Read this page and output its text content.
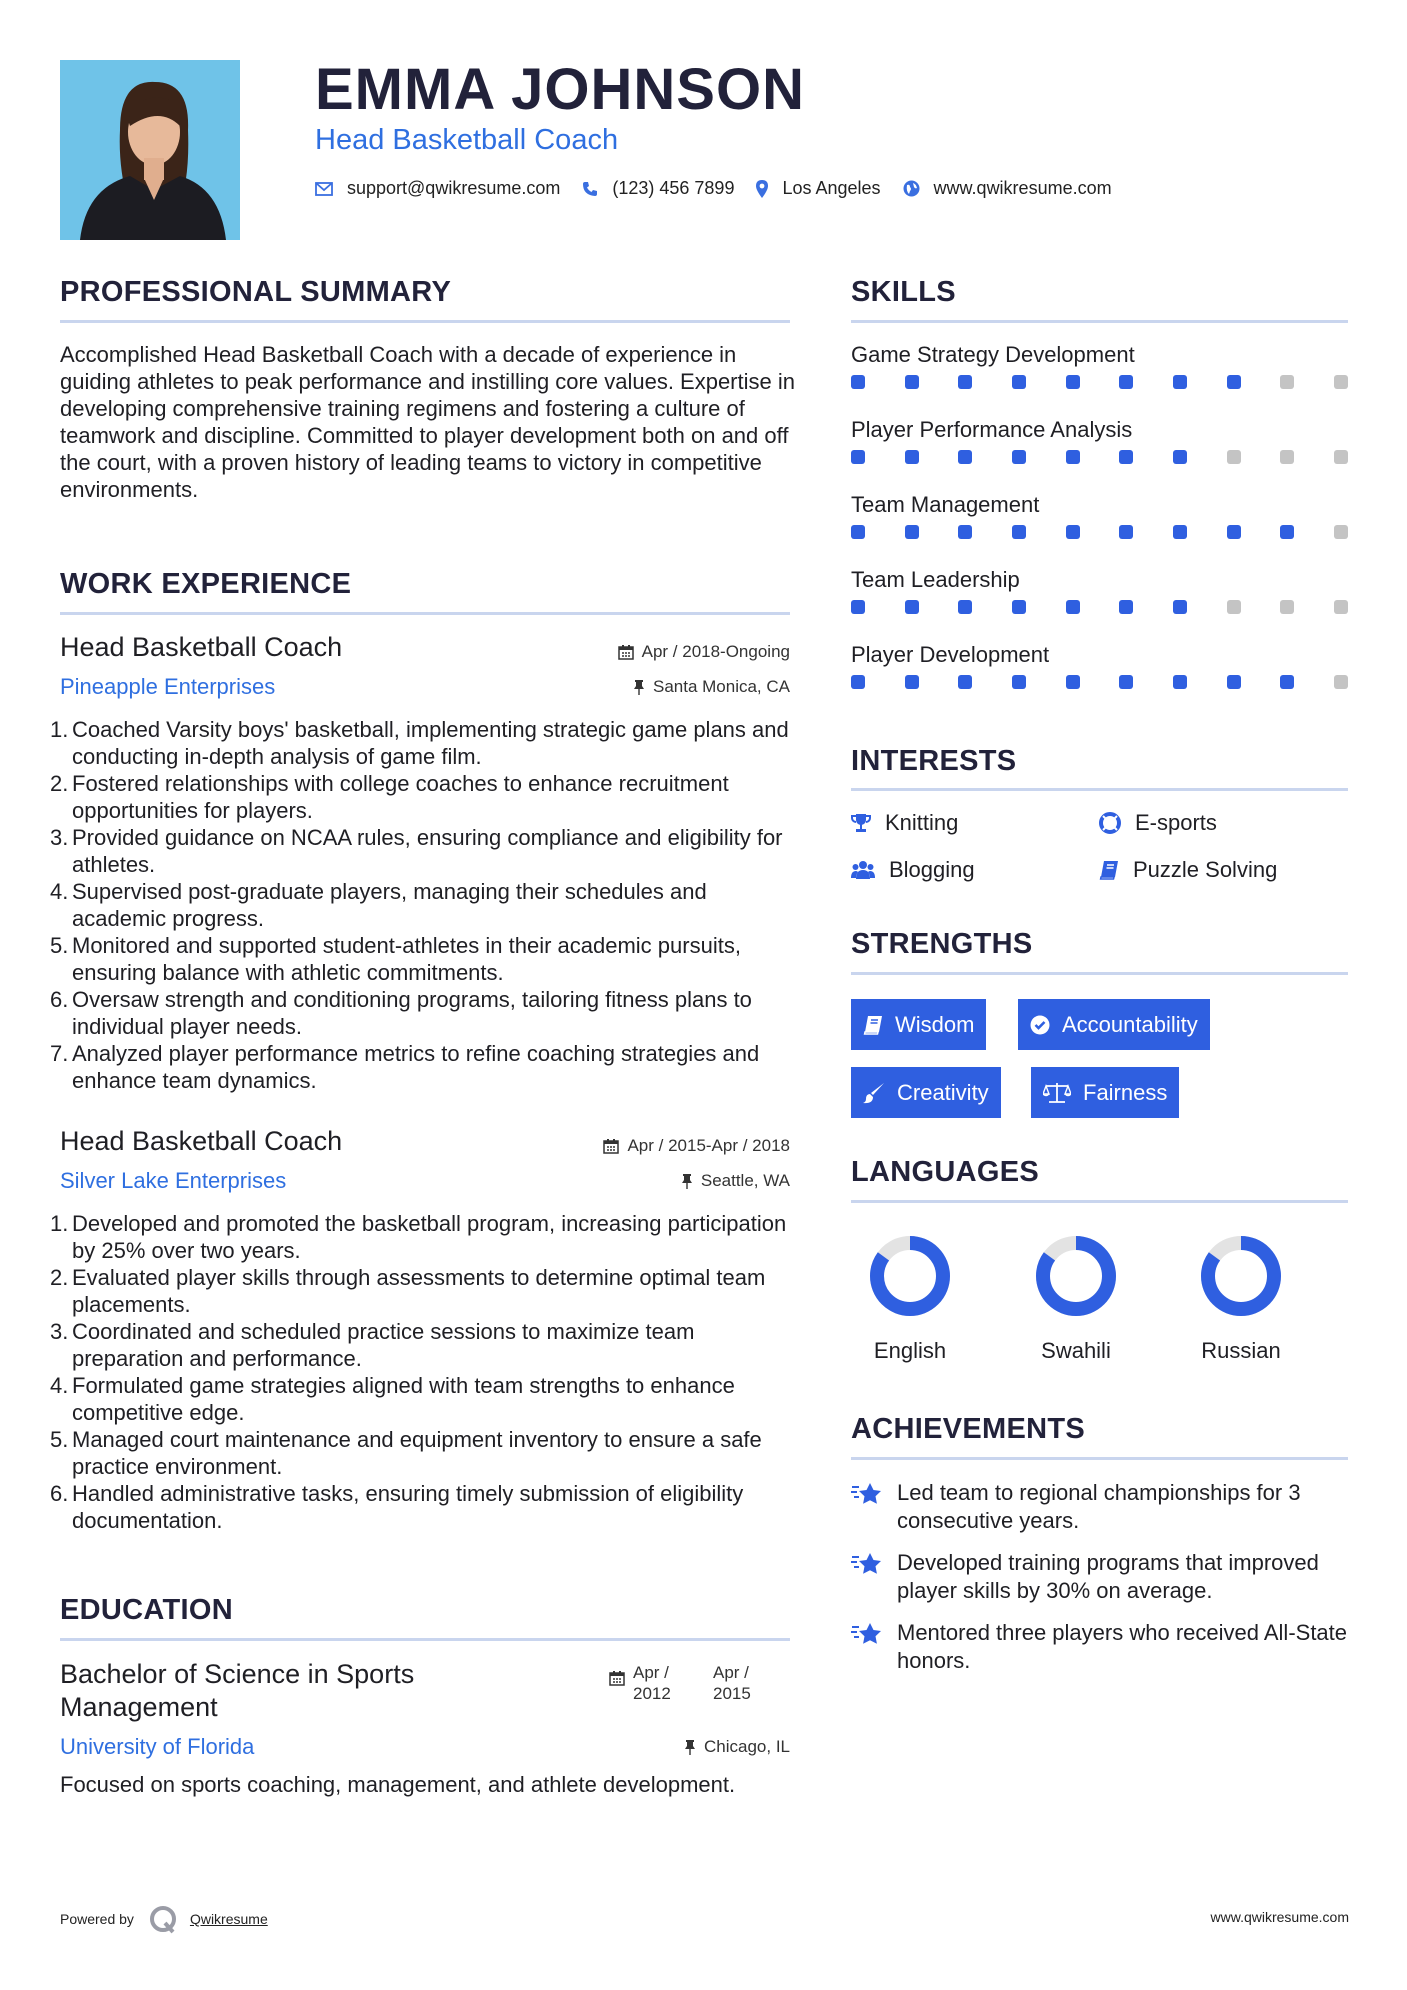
EMMA JOHNSON
Head Basketball Coach
support@qwikresume.com	(123) 456 7899	Los Angeles	www.qwikresume.com
PROFESSIONAL SUMMARY
Accomplished Head Basketball Coach with a decade of experience in guiding athletes to peak performance and instilling core values. Expertise in developing comprehensive training regimens and fostering a culture of teamwork and discipline. Committed to player development both on and off the court, with a proven history of leading teams to victory in competitive environments.
WORK EXPERIENCE
Head Basketball Coach	Apr / 2018-Ongoing
Pineapple Enterprises	Santa Monica, CA
1. Coached Varsity boys' basketball, implementing strategic game plans and conducting in-depth analysis of game film.
2. Fostered relationships with college coaches to enhance recruitment opportunities for players.
3. Provided guidance on NCAA rules, ensuring compliance and eligibility for athletes.
4. Supervised post-graduate players, managing their schedules and academic progress.
5. Monitored and supported student-athletes in their academic pursuits, ensuring balance with athletic commitments.
6. Oversaw strength and conditioning programs, tailoring fitness plans to individual player needs.
7. Analyzed player performance metrics to refine coaching strategies and enhance team dynamics.
Head Basketball Coach	Apr / 2015-Apr / 2018
Silver Lake Enterprises	Seattle, WA
1. Developed and promoted the basketball program, increasing participation by 25% over two years.
2. Evaluated player skills through assessments to determine optimal team placements.
3. Coordinated and scheduled practice sessions to maximize team preparation and performance.
4. Formulated game strategies aligned with team strengths to enhance competitive edge.
5. Managed court maintenance and equipment inventory to ensure a safe practice environment.
6. Handled administrative tasks, ensuring timely submission of eligibility documentation.
EDUCATION
Bachelor of Science in Sports Management
Apr / 2012
Apr / 2015
University of Florida	Chicago, IL
Focused on sports coaching, management, and athlete development.
SKILLS
Game Strategy Development
Player Performance Analysis
Team Management
Team Leadership
Player Development
INTERESTS
Knitting	E-sports
Blogging	Puzzle Solving
STRENGTHS
Wisdom	Accountability
Creativity	Fairness
LANGUAGES
English	Swahili	Russian
ACHIEVEMENTS
Led team to regional championships for 3 consecutive years.
Developed training programs that improved player skills by 30% on average.
Mentored three players who received All-State honors.
Powered by	Qwikresume	www.qwikresume.com
